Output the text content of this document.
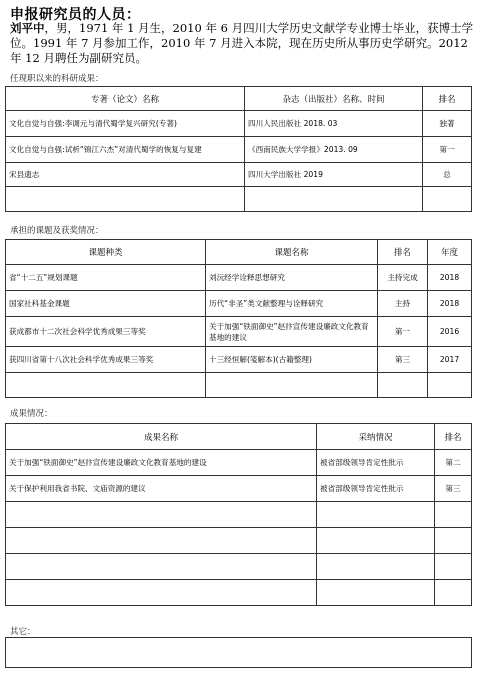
申报研究员的人员：
刘平中，男，1971 年 1 月生，2010 年 6 月四川大学历史文献学专业博士毕业，获博士学位。1991 年 7 月参加工作，2010 年 7 月进入本院，现在历史所从事历史学研究。2012 年 12 月聘任为副研究员。
任现职以来的科研成果：
专著（论文）名称	杂志（出版社）名称、时间	排名
文化自觉与自强:李调元与清代蜀学复兴研究(专著)	四川人民出版社 2018. 03	独著
文化自觉与自强:试析“锦江六杰”对清代蜀学的恢复与复建	《西南民族大学学报》2013. 09	第一
宋县遗志	四川大学出版社 2019	总

承担的课题及获奖情况：
课题种类	课题名称	排名	年度
省“十二五”规划课题	刘沅经学诠释思想研究	主持完成	2018
国家社科基金课题	历代“非圣”类文献整理与诠释研究	主持	2018
获成都市十二次社会科学优秀成果三等奖	关于加强“铁面御史”赵抃宣传建设廉政文化教育基地的建议	第一	2016
获四川省第十八次社会科学优秀成果三等奖	十三经恒解(笺解本)(古籍整理)	第三	2017

成果情况：
成果名称	采纳情况	排名
关于加强“铁面御史”赵抃宣传建设廉政文化教育基地的建设	被省部级领导肯定性批示	第二
关于保护利用我省书院、文庙资源的建议	被省部级领导肯定性批示	第三

其它：
